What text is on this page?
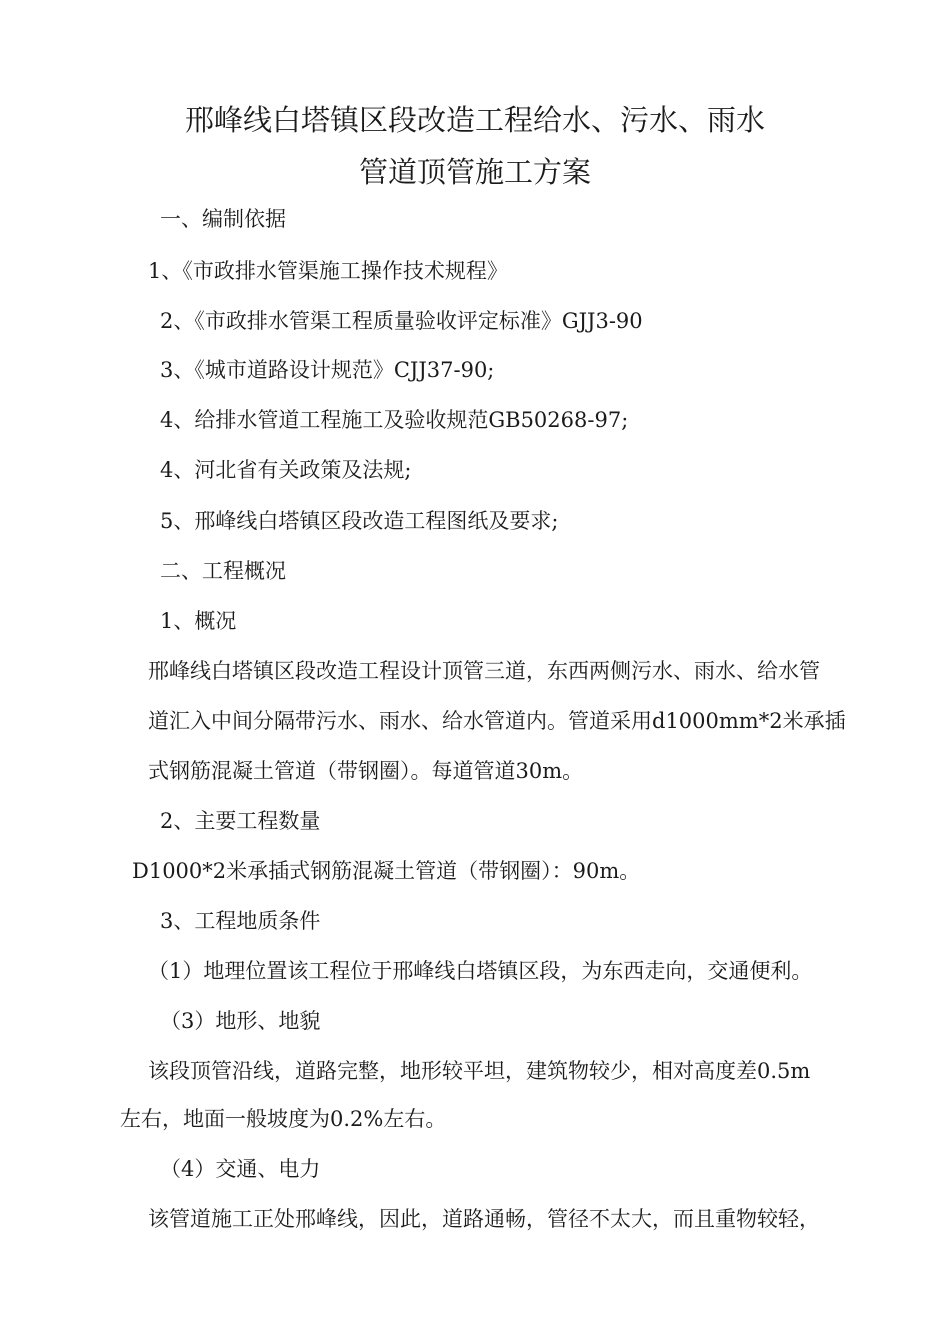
邢峰线白塔镇区段改造工程给水、污水、雨水
管道顶管施工方案
一、编制依据
1、《市政排水管渠施工操作技术规程》
2、《市政排水管渠工程质量验收评定标准》GJJ3-90
3、《城市道路设计规范》CJJ37-90;
4、给排水管道工程施工及验收规范GB50268-97;
4、河北省有关政策及法规;
5、邢峰线白塔镇区段改造工程图纸及要求;
二、工程概况
1、概况
邢峰线白塔镇区段改造工程设计顶管三道，东西两侧污水、雨水、给水管
道汇入中间分隔带污水、雨水、给水管道内。管道采用d1000mm*2米承插
式钢筋混凝土管道（带钢圈）。每道管道30m。
2、主要工程数量
D1000*2米承插式钢筋混凝土管道（带钢圈）：90m。
3、工程地质条件
（1）地理位置该工程位于邢峰线白塔镇区段，为东西走向，交通便利。
（3）地形、地貌
该段顶管沿线，道路完整，地形较平坦，建筑物较少，相对高度差0.5m
左右，地面一般坡度为0.2%左右。
（4）交通、电力
该管道施工正处邢峰线，因此，道路通畅，管径不太大，而且重物较轻，
